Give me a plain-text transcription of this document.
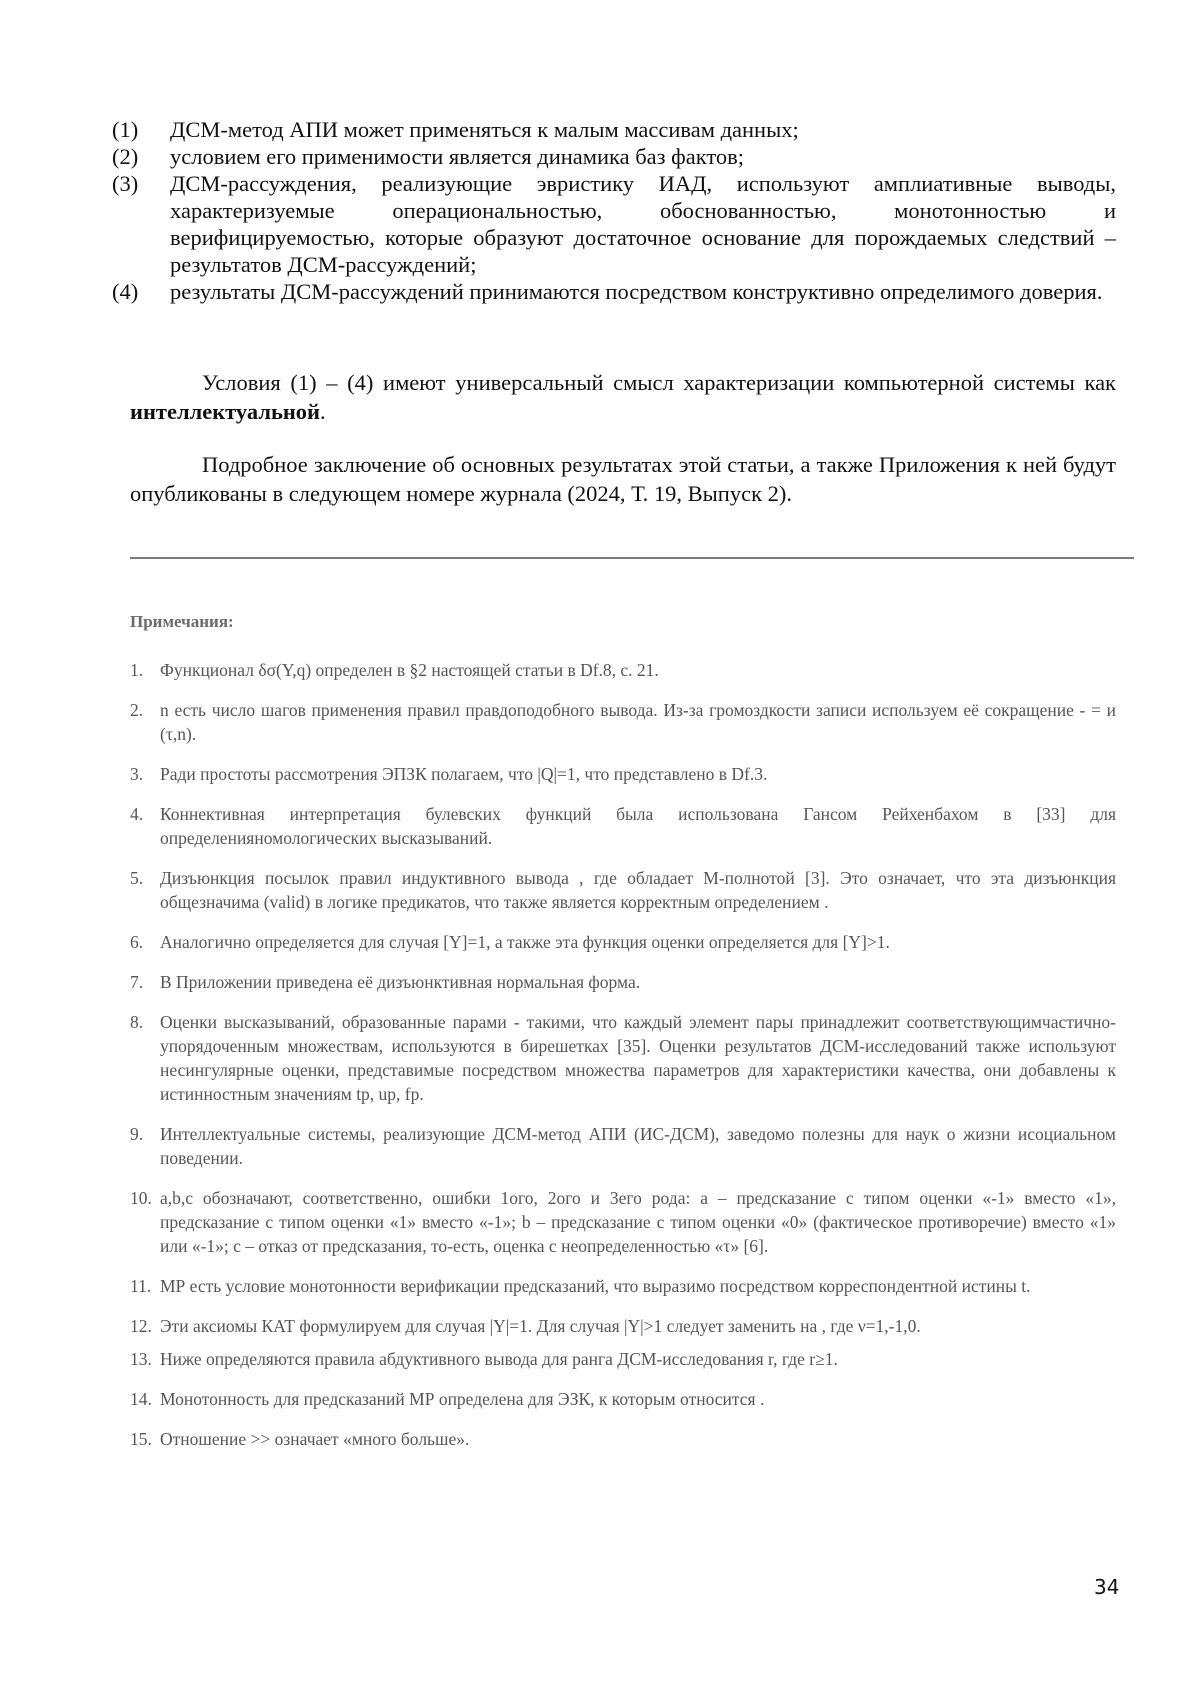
(1)	ДСМ-метод АПИ может применяться к малым массивам данных;
(2)	условием его применимости является динамика баз фактов;
(3)	ДСМ-рассуждения, реализующие эвристику ИАД, используют амплиативные выводы, характеризуемые операциональностью, обоснованностью, монотонностью и верифицируемостью, которые образуют достаточное основание для порождаемых следствий – результатов ДСМ-рассуждений;
(4)	результаты ДСМ-рассуждений принимаются посредством конструктивно определимого доверия.

Условия (1) – (4) имеют универсальный смысл характеризации компьютерной системы как интеллектуальной.

Подробное заключение об основных результатах этой статьи, а также Приложения к ней будут опубликованы в следующем номере журнала (2024, Т. 19, Выпуск 2).

Примечания:

1. Функционал δσ(Y,q) определен в §2 настоящей статьи в Df.8, с. 21.
2. n есть число шагов применения правил правдоподобного вывода. Из-за громоздкости записи используем её сокращение - = и (τ,n).
3. Ради простоты рассмотрения ЭПЗК полагаем, что |Q|=1, что представлено в Df.3.
4. Коннективная интерпретация булевских функций была использована Гансом Рейхенбахом в [33] для определенияномологических высказываний.
5. Дизъюнкция посылок правил индуктивного вывода , где обладает М-полнотой [3]. Это означает, что эта дизъюнкция общезначима (valid) в логике предикатов, что также является корректным определением .
6. Аналогично определяется для случая [Y]=1, а также эта функция оценки определяется для [Y]>1.
7. В Приложении приведена её дизъюнктивная нормальная форма.
8. Оценки высказываний, образованные парами - такими, что каждый элемент пары принадлежит соответствующимчастично-упорядоченным множествам, используются в бирешетках [35]. Оценки результатов ДСМ-исследований также используют несингулярные оценки, представимые посредством множества параметров для характеристики качества, они добавлены к истинностным значениям tp, up, fp.
9. Интеллектуальные системы, реализующие ДСМ-метод АПИ (ИС-ДСМ), заведомо полезны для наук о жизни исоциальном поведении.
10. a,b,c обозначают, соответственно, ошибки 1ого, 2ого и 3его рода: a – предсказание с типом оценки «-1» вместо «1», предсказание с типом оценки «1» вместо «-1»; b – предсказание с типом оценки «0» (фактическое противоречие) вместо «1» или «-1»; c – отказ от предсказания, то-есть, оценка с неопределенностью «τ» [6].
11. МР есть условие монотонности верификации предсказаний, что выразимо посредством корреспондентной истины t.
12. Эти аксиомы КАТ формулируем для случая |Y|=1. Для случая |Y|>1 следует заменить на , где ν=1,-1,0.
13. Ниже определяются правила абдуктивного вывода для ранга ДСМ-исследования r, где r≥1.
14. Монотонность для предсказаний МР определена для ЭЗК, к которым относится .
15. Отношение >> означает «много больше».
34
